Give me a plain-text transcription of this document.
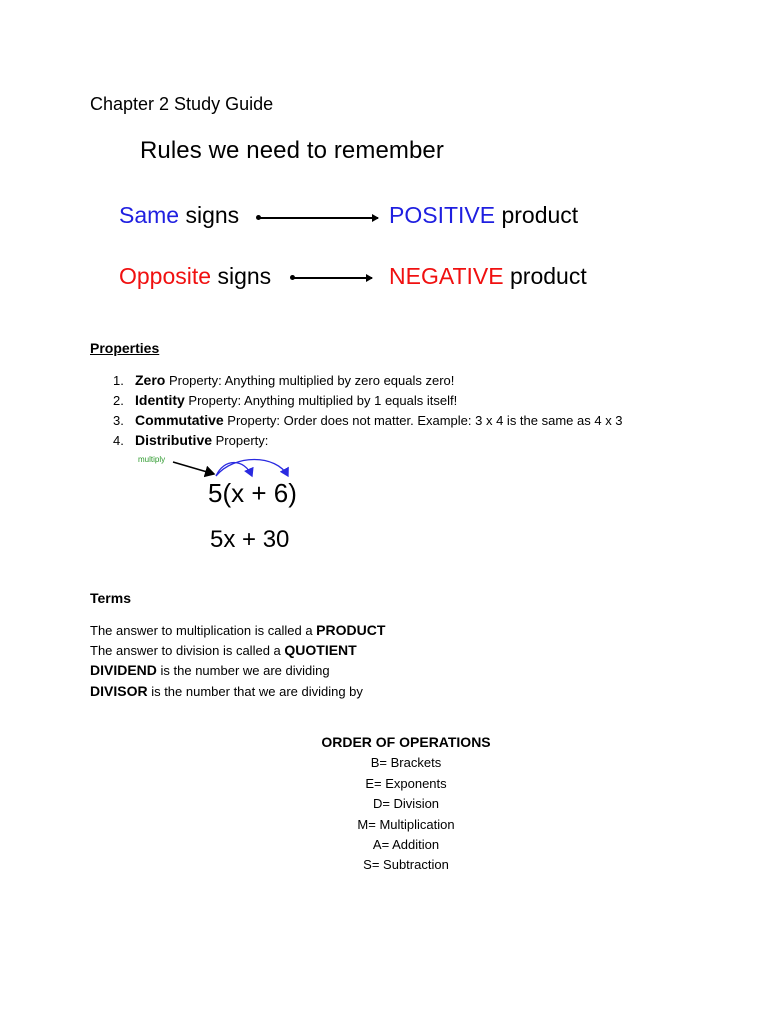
Chapter 2 Study Guide
Rules we need to remember
Same signs	POSITIVE product
Opposite signs	NEGATIVE product
Properties
1. Zero Property: Anything multiplied by zero equals zero!
2. Identity Property: Anything multiplied by 1 equals itself!
3. Commutative Property: Order does not matter. Example: 3 x 4 is the same as 4 x 3
4. Distributive Property:
multiply
5(x + 6)
5x + 30
Terms
The answer to multiplication is called a PRODUCT
The answer to division is called a QUOTIENT
DIVIDEND is the number we are dividing
DIVISOR is the number that we are dividing by
ORDER OF OPERATIONS
B= Brackets
E= Exponents
D= Division
M= Multiplication
A= Addition
S= Subtraction
